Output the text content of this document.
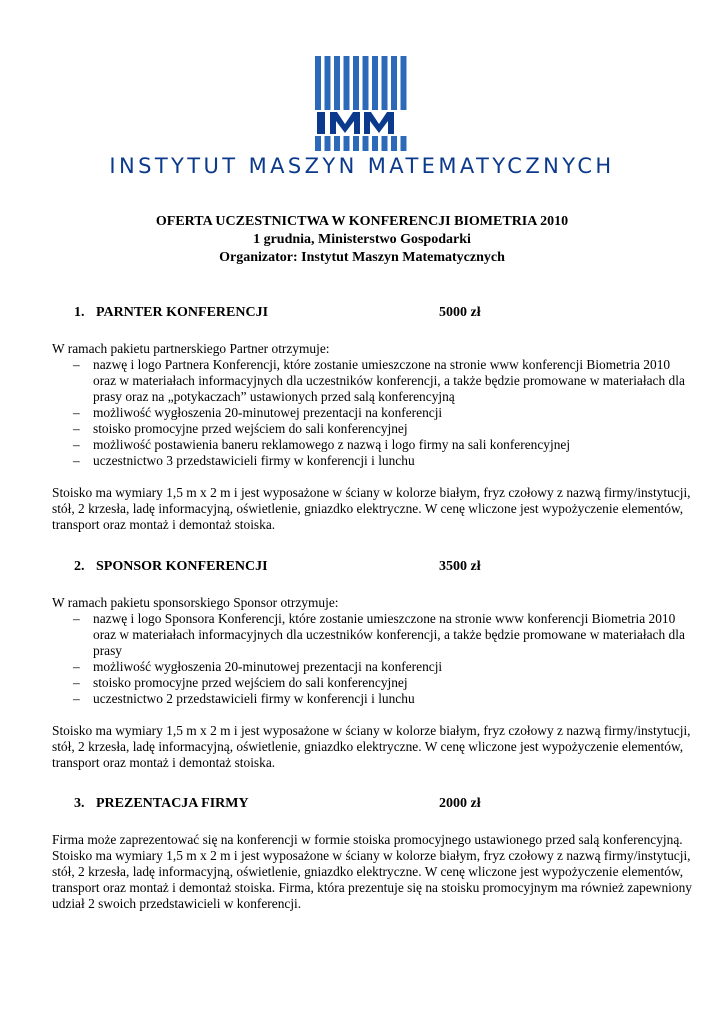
INSTYTUT MASZYN MATEMATYCZNYCH
OFERTA UCZESTNICTWA W KONFERENCJI BIOMETRIA 2010
1 grudnia, Ministerstwo Gospodarki
Organizator: Instytut Maszyn Matematycznych
1. PARNTER KONFERENCJI	5000 zł

W ramach pakietu partnerskiego Partner otrzymuje:

– nazwę i logo Partnera Konferencji, które zostanie umieszczone na stronie www konferencji Biometria 2010 oraz w materiałach informacyjnych dla uczestników konferencji, a także będzie promowane w materiałach dla prasy oraz na „potykaczach” ustawionych przed salą konferencyjną
– możliwość wygłoszenia 20-minutowej prezentacji na konferencji
– stoisko promocyjne przed wejściem do sali konferencyjnej
– możliwość postawienia baneru reklamowego z nazwą i logo firmy na sali konferencyjnej
– uczestnictwo 3 przedstawicieli firmy w konferencji i lunchu
Stoisko ma wymiary 1,5 m x 2 m i jest wyposażone w ściany w kolorze białym, fryz czołowy z nazwą firmy/instytucji, stół, 2 krzesła, ladę informacyjną, oświetlenie, gniazdko elektryczne. W cenę wliczone jest wypożyczenie elementów, transport oraz montaż i demontaż stoiska.
2. SPONSOR KONFERENCJI	3500 zł

W ramach pakietu sponsorskiego Sponsor otrzymuje:

– nazwę i logo Sponsora Konferencji, które zostanie umieszczone na stronie www konferencji Biometria 2010 oraz w materiałach informacyjnych dla uczestników konferencji, a także będzie promowane w materiałach dla prasy
– możliwość wygłoszenia 20-minutowej prezentacji na konferencji
– stoisko promocyjne przed wejściem do sali konferencyjnej
– uczestnictwo 2 przedstawicieli firmy w konferencji i lunchu
Stoisko ma wymiary 1,5 m x 2 m i jest wyposażone w ściany w kolorze białym, fryz czołowy z nazwą firmy/instytucji, stół, 2 krzesła, ladę informacyjną, oświetlenie, gniazdko elektryczne. W cenę wliczone jest wypożyczenie elementów, transport oraz montaż i demontaż stoiska.
3. PREZENTACJA FIRMY	2000 zł
Firma może zaprezentować się na konferencji w formie stoiska promocyjnego ustawionego przed salą konferencyjną. Stoisko ma wymiary 1,5 m x 2 m i jest wyposażone w ściany w kolorze białym, fryz czołowy z nazwą firmy/instytucji, stół, 2 krzesła, ladę informacyjną, oświetlenie, gniazdko elektryczne. W cenę wliczone jest wypożyczenie elementów, transport oraz montaż i demontaż stoiska. Firma, która prezentuje się na stoisku promocyjnym ma również zapewniony udział 2 swoich przedstawicieli w konferencji.
